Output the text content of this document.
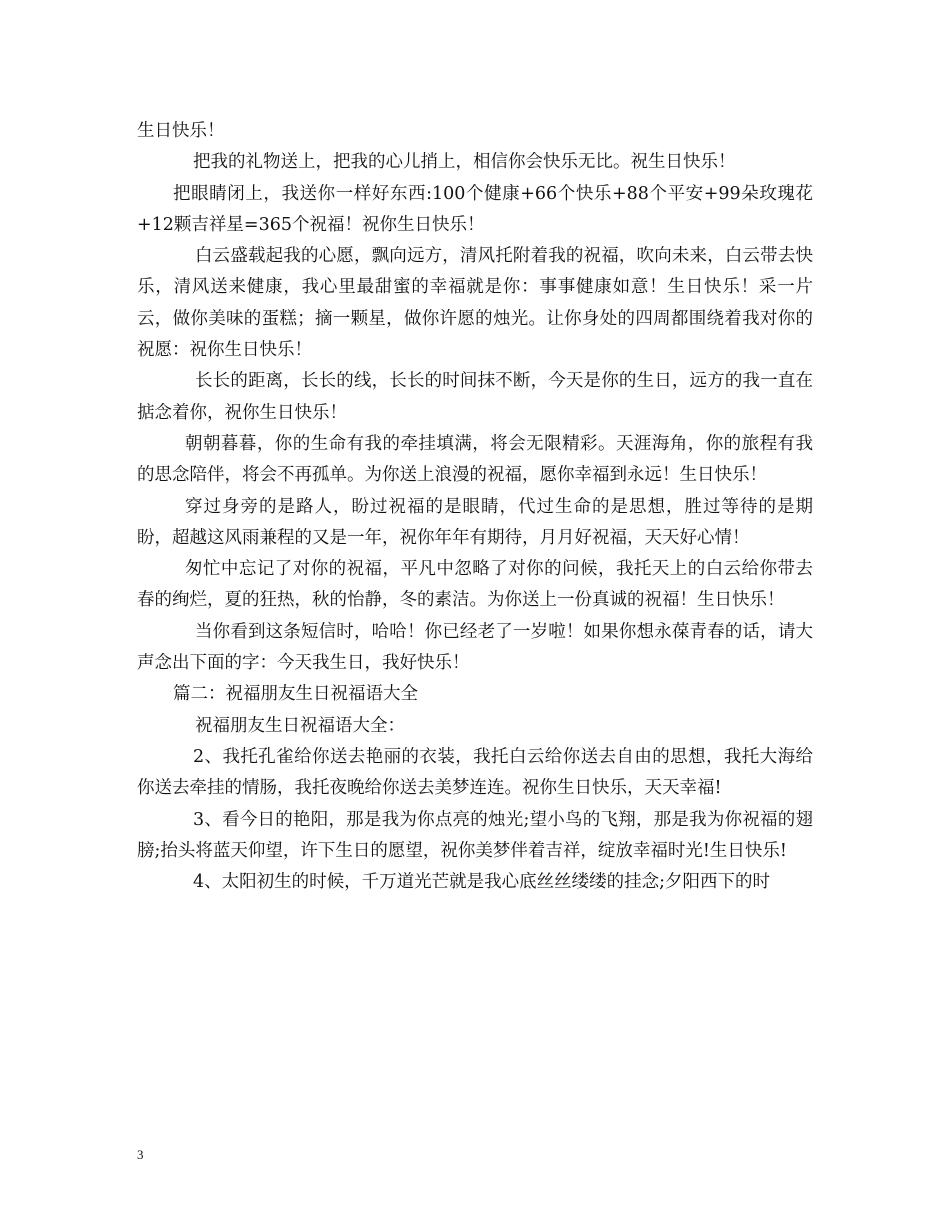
生日快乐！

把我的礼物送上，把我的心儿捎上，相信你会快乐无比。祝生日快乐！

把眼睛闭上，我送你一样好东西:100个健康+66个快乐+88个平安+99朵玫瑰花+12颗吉祥星=365个祝福！祝你生日快乐！

白云盛载起我的心愿，飘向远方，清风托附着我的祝福，吹向未来，白云带去快乐，清风送来健康，我心里最甜蜜的幸福就是你：事事健康如意！生日快乐！采一片云，做你美味的蛋糕；摘一颗星，做你许愿的烛光。让你身处的四周都围绕着我对你的祝愿：祝你生日快乐！

长长的距离，长长的线，长长的时间抹不断，今天是你的生日，远方的我一直在掂念着你，祝你生日快乐！

朝朝暮暮，你的生命有我的牵挂填满，将会无限精彩。天涯海角，你的旅程有我的思念陪伴，将会不再孤单。为你送上浪漫的祝福，愿你幸福到永远！生日快乐！

穿过身旁的是路人，盼过祝福的是眼睛，代过生命的是思想，胜过等待的是期盼，超越这风雨兼程的又是一年，祝你年年有期待，月月好祝福，天天好心情！

匆忙中忘记了对你的祝福，平凡中忽略了对你的问候，我托天上的白云给你带去春的绚烂，夏的狂热，秋的怡静，冬的素洁。为你送上一份真诚的祝福！生日快乐！

当你看到这条短信时，哈哈！你已经老了一岁啦！如果你想永葆青春的话，请大声念出下面的字：今天我生日，我好快乐！

篇二：祝福朋友生日祝福语大全

祝福朋友生日祝福语大全：

2、我托孔雀给你送去艳丽的衣装，我托白云给你送去自由的思想，我托大海给你送去牵挂的情肠，我托夜晚给你送去美梦连连。祝你生日快乐，天天幸福!

3、看今日的艳阳，那是我为你点亮的烛光;望小鸟的飞翔，那是我为你祝福的翅膀;抬头将蓝天仰望，许下生日的愿望，祝你美梦伴着吉祥，绽放幸福时光!生日快乐!

4、太阳初生的时候，千万道光芒就是我心底丝丝缕缕的挂念;夕阳西下的时

3
